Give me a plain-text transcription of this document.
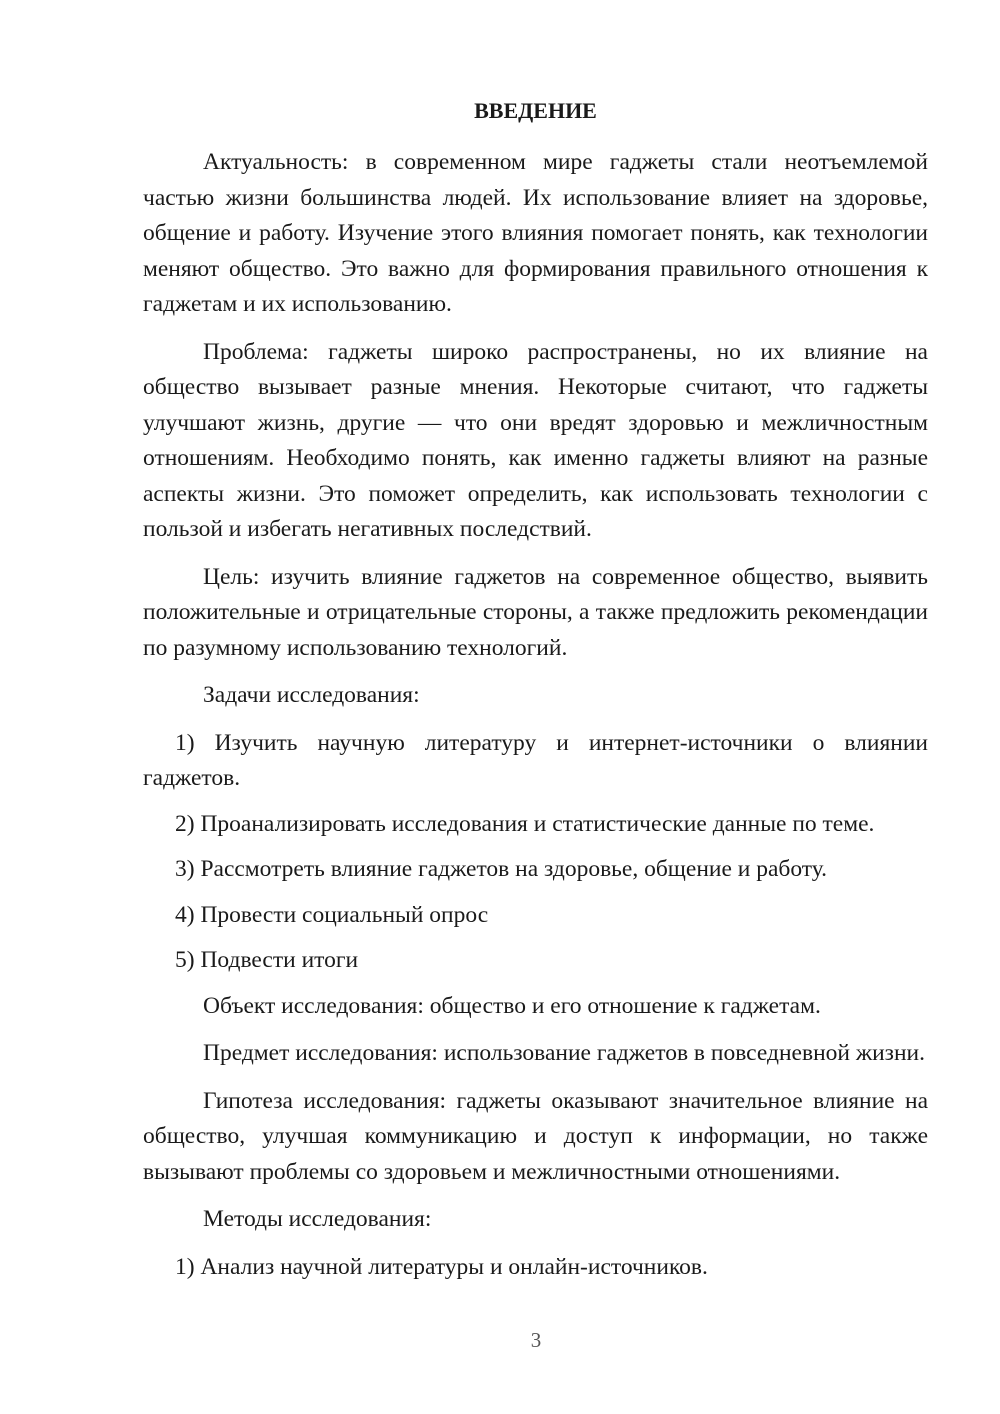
ВВЕДЕНИЕ

Актуальность: в современном мире гаджеты стали неотъемлемой частью жизни большинства людей. Их использование влияет на здоровье, общение и работу. Изучение этого влияния помогает понять, как технологии меняют общество. Это важно для формирования правильного отношения к гаджетам и их использованию.

Проблема: гаджеты широко распространены, но их влияние на общество вызывает разные мнения. Некоторые считают, что гаджеты улучшают жизнь, другие — что они вредят здоровью и межличностным отношениям. Необходимо понять, как именно гаджеты влияют на разные аспекты жизни. Это поможет определить, как использовать технологии с пользой и избегать негативных последствий.

Цель: изучить влияние гаджетов на современное общество, выявить положительные и отрицательные стороны, а также предложить рекомендации по разумному использованию технологий.

Задачи исследования:

1) Изучить научную литературу и интернет-источники о влиянии гаджетов.

2) Проанализировать исследования и статистические данные по теме.

3) Рассмотреть влияние гаджетов на здоровье, общение и работу.

4) Провести социальный опрос

5) Подвести итоги

Объект исследования: общество и его отношение к гаджетам.

Предмет исследования: использование гаджетов в повседневной жизни.

Гипотеза исследования: гаджеты оказывают значительное влияние на общество, улучшая коммуникацию и доступ к информации, но также вызывают проблемы со здоровьем и межличностными отношениями.

Методы исследования:

1) Анализ научной литературы и онлайн-источников.

3
